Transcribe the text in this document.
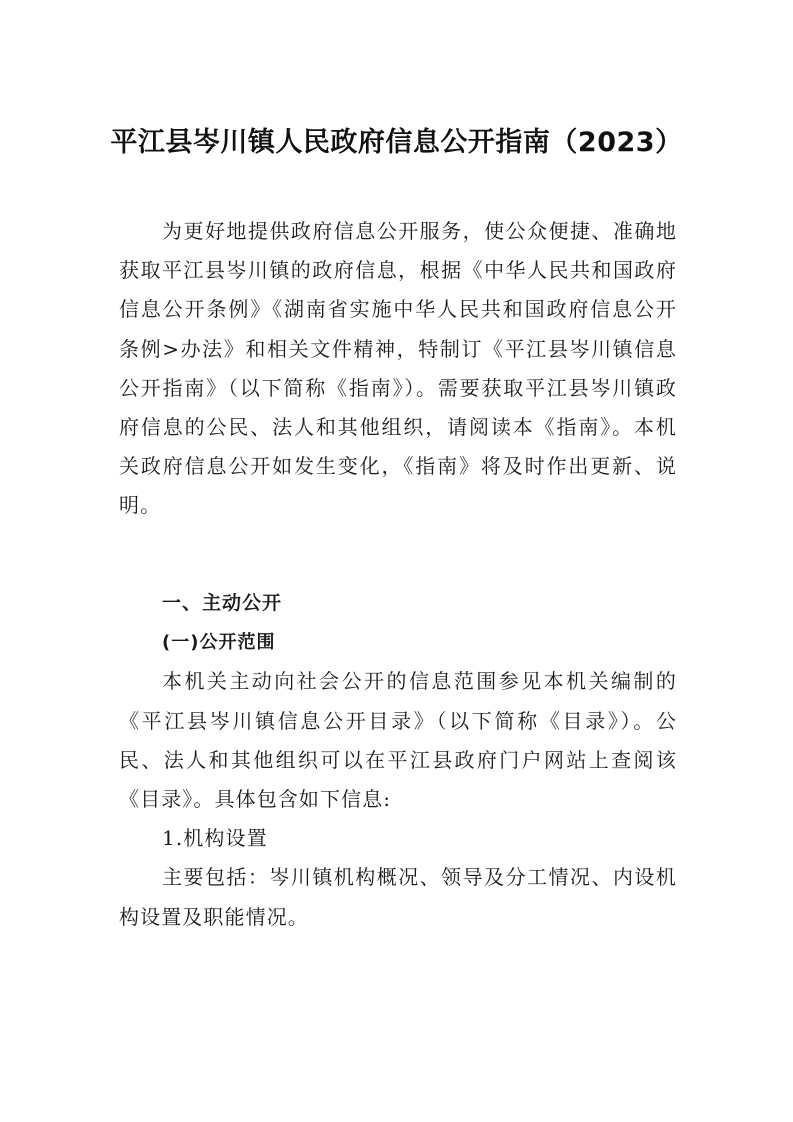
平江县岑川镇人民政府信息公开指南（2023）

为更好地提供政府信息公开服务，使公众便捷、准确地获取平江县岑川镇的政府信息，根据《中华人民共和国政府信息公开条例》《湖南省实施中华人民共和国政府信息公开条例>办法》和相关文件精神，特制订《平江县岑川镇信息公开指南》（以下简称《指南》）。需要获取平江县岑川镇政府信息的公民、法人和其他组织，请阅读本《指南》。本机关政府信息公开如发生变化，《指南》将及时作出更新、说明。

一、主动公开

(一)公开范围

本机关主动向社会公开的信息范围参见本机关编制的《平江县岑川镇信息公开目录》（以下简称《目录》）。公民、法人和其他组织可以在平江县政府门户网站上查阅该《目录》。具体包含如下信息:

1.机构设置

主要包括：岑川镇机构概况、领导及分工情况、内设机构设置及职能情况。
